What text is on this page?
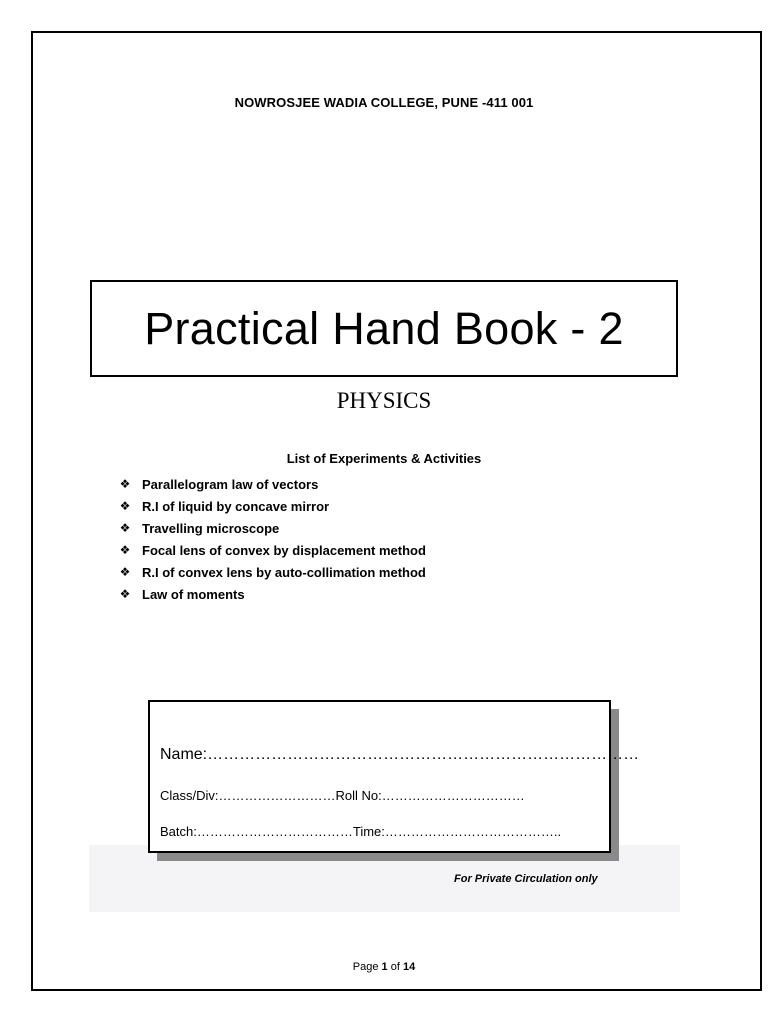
NOWROSJEE WADIA COLLEGE, PUNE -411 001
Practical Hand Book - 2
PHYSICS
List of Experiments & Activities
❖ Parallelogram law of vectors
❖ R.I of liquid by concave mirror
❖ Travelling microscope
❖ Focal lens of convex by displacement method
❖ R.I of convex lens by auto-collimation method
❖ Law of moments
Name:………………………………………………………………………
Class/Div:………………………Roll No:……………………………
Batch:………………………………Time:…………………………………..
For Private Circulation only
Page 1 of 14
